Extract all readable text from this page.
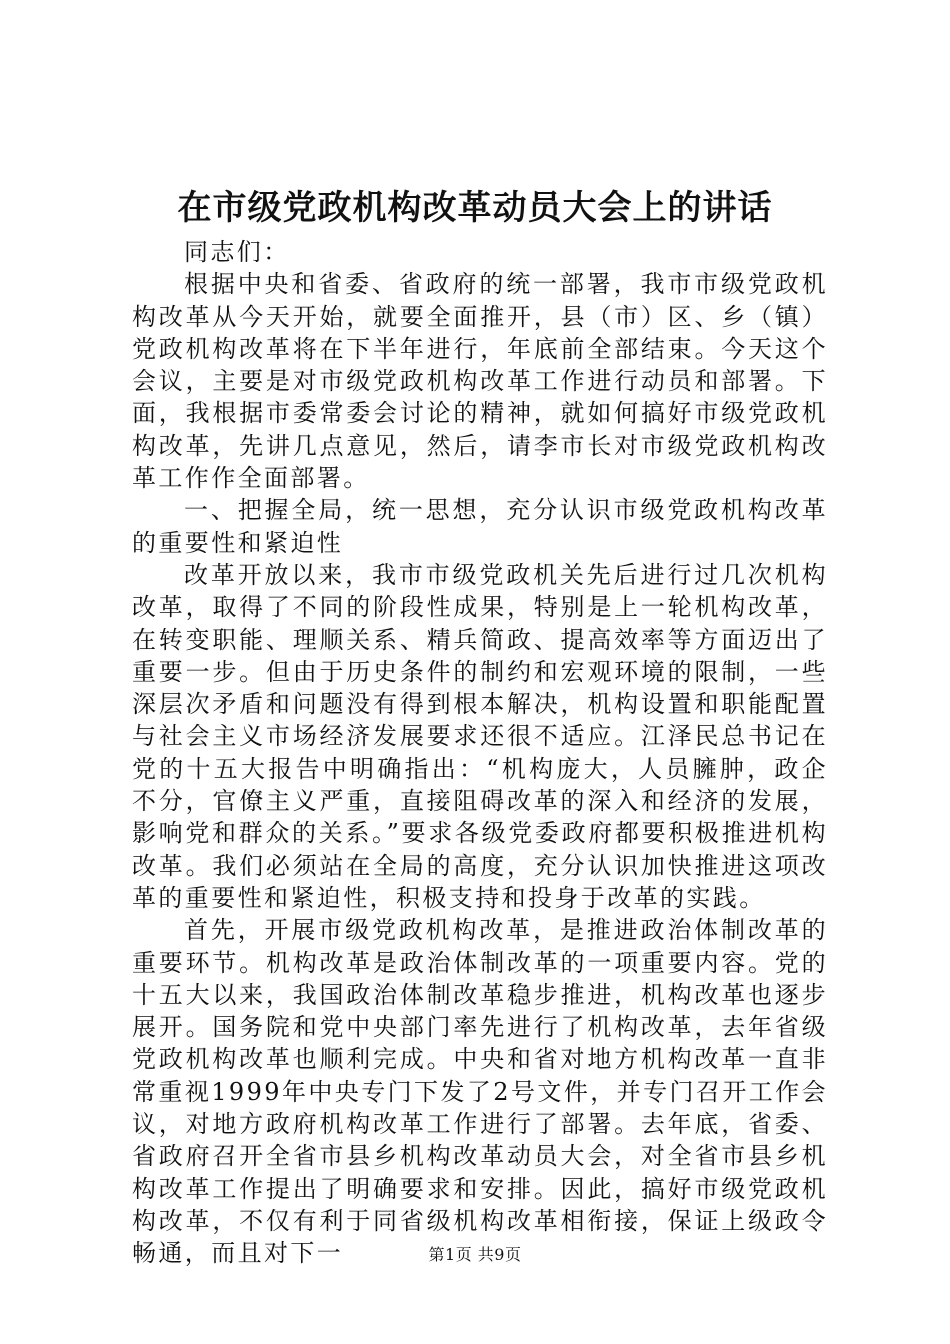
在市级党政机构改革动员大会上的讲话

同志们：

根据中央和省委、省政府的统一部署，我市市级党政机构改革从今天开始，就要全面推开，县（市）区、乡（镇）党政机构改革将在下半年进行，年底前全部结束。今天这个会议，主要是对市级党政机构改革工作进行动员和部署。下面，我根据市委常委会讨论的精神，就如何搞好市级党政机构改革，先讲几点意见，然后，请李市长对市级党政机构改革工作作全面部署。

一、把握全局，统一思想，充分认识市级党政机构改革的重要性和紧迫性

改革开放以来，我市市级党政机关先后进行过几次机构改革，取得了不同的阶段性成果，特别是上一轮机构改革，在转变职能、理顺关系、精兵简政、提高效率等方面迈出了重要一步。但由于历史条件的制约和宏观环境的限制，一些深层次矛盾和问题没有得到根本解决，机构设置和职能配置与社会主义市场经济发展要求还很不适应。江泽民总书记在党的十五大报告中明确指出：“机构庞大，人员臃肿，政企不分，官僚主义严重，直接阻碍改革的深入和经济的发展，影响党和群众的关系。”要求各级党委政府都要积极推进机构改革。我们必须站在全局的高度，充分认识加快推进这项改革的重要性和紧迫性，积极支持和投身于改革的实践。

首先，开展市级党政机构改革，是推进政治体制改革的重要环节。机构改革是政治体制改革的一项重要内容。党的十五大以来，我国政治体制改革稳步推进，机构改革也逐步展开。国务院和党中央部门率先进行了机构改革，去年省级党政机构改革也顺利完成。中央和省对地方机构改革一直非常重视1999年中央专门下发了2号文件，并专门召开工作会议，对地方政府机构改革工作进行了部署。去年底，省委、省政府召开全省市县乡机构改革动员大会，对全省市县乡机构改革工作提出了明确要求和安排。因此，搞好市级党政机构改革，不仅有利于同省级机构改革相衔接，保证上级政令畅通，而且对下一	第1页 共9页
